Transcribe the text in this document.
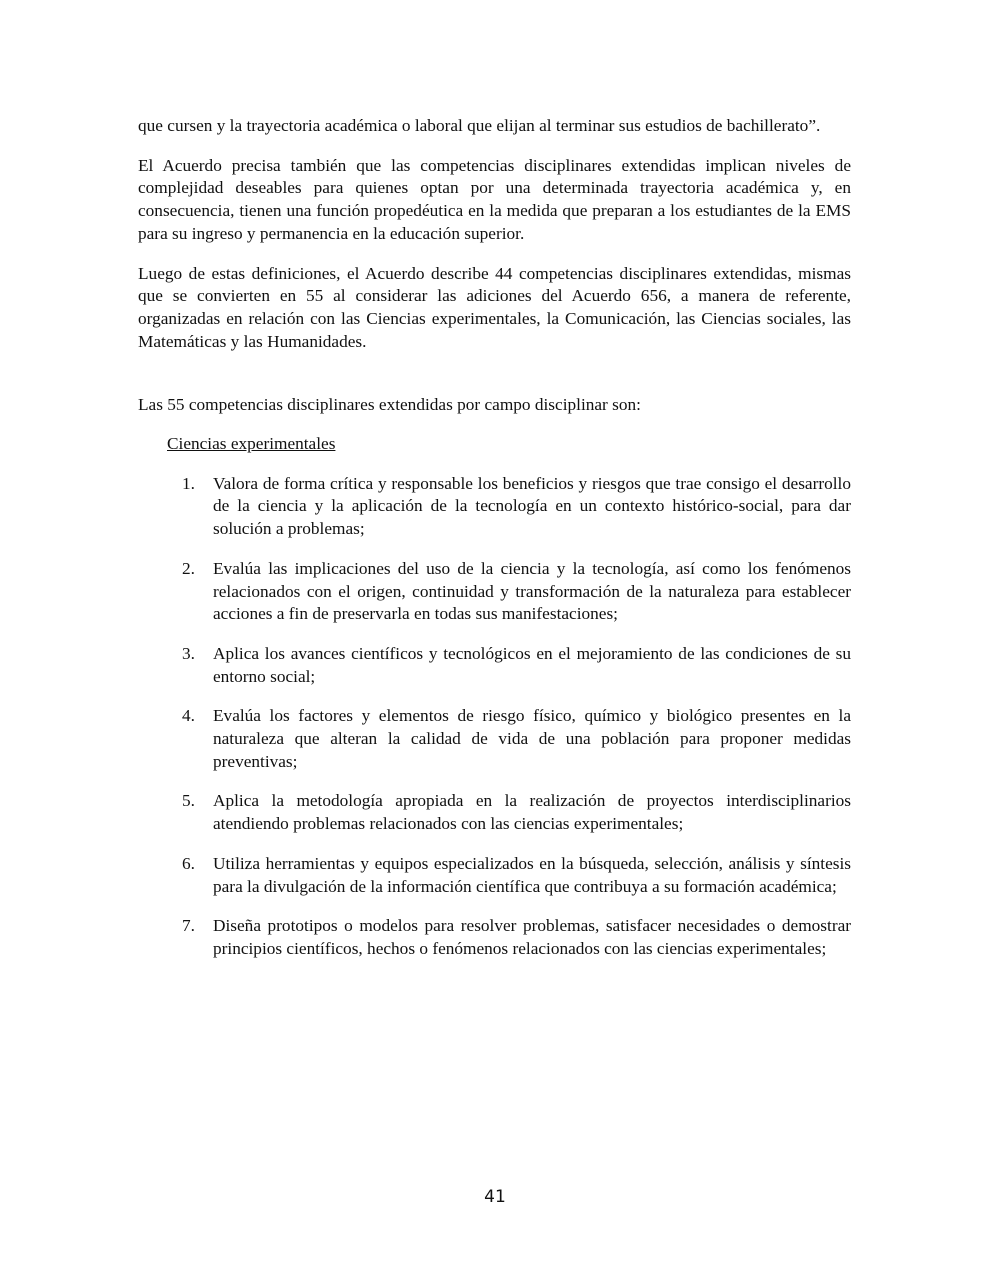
que cursen y la trayectoria académica o laboral que elijan al terminar sus estudios de bachillerato”.

El Acuerdo precisa también que las competencias disciplinares extendidas implican niveles de complejidad deseables para quienes optan por una determinada trayectoria académica y, en consecuencia, tienen una función propedéutica en la medida que preparan a los estudiantes de la EMS para su ingreso y permanencia en la educación superior.

Luego de estas definiciones, el Acuerdo describe 44 competencias disciplinares extendidas, mismas que se convierten en 55 al considerar las adiciones del Acuerdo 656, a manera de referente, organizadas en relación con las Ciencias experimentales, la Comunicación, las Ciencias sociales, las Matemáticas y las Humanidades.

Las 55 competencias disciplinares extendidas por campo disciplinar son:

Ciencias experimentales

1. Valora de forma crítica y responsable los beneficios y riesgos que trae consigo el desarrollo de la ciencia y la aplicación de la tecnología en un contexto histórico-social, para dar solución a problemas;
2. Evalúa las implicaciones del uso de la ciencia y la tecnología, así como los fenómenos relacionados con el origen, continuidad y transformación de la naturaleza para establecer acciones a fin de preservarla en todas sus manifestaciones;
3. Aplica los avances científicos y tecnológicos en el mejoramiento de las condiciones de su entorno social;
4. Evalúa los factores y elementos de riesgo físico, químico y biológico presentes en la naturaleza que alteran la calidad de vida de una población para proponer medidas preventivas;
5. Aplica la metodología apropiada en la realización de proyectos interdisciplinarios atendiendo problemas relacionados con las ciencias experimentales;
6. Utiliza herramientas y equipos especializados en la búsqueda, selección, análisis y síntesis para la divulgación de la información científica que contribuya a su formación académica;
7. Diseña prototipos o modelos para resolver problemas, satisfacer necesidades o demostrar principios científicos, hechos o fenómenos relacionados con las ciencias experimentales;
41
